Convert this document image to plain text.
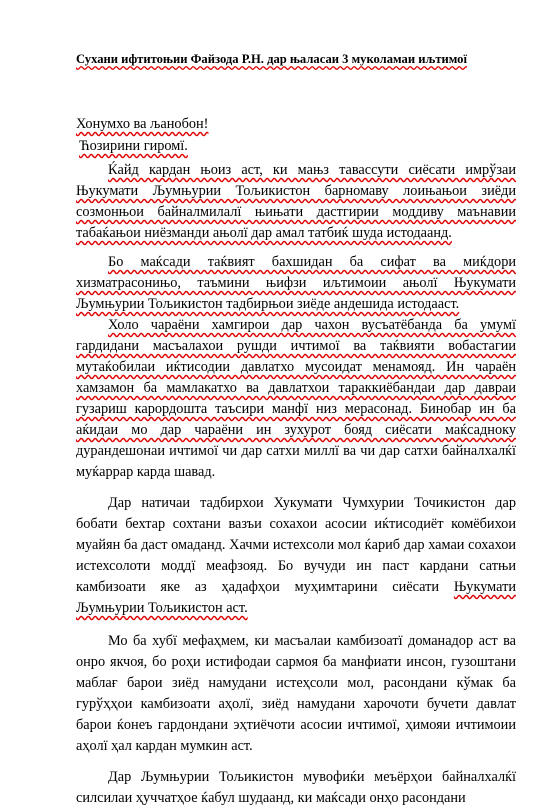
Сухани ифтитоњии Файзода Р.Н. дар њаласаи 3 муколамаи иљтимої
Хонумхо ва љанобон!
Ћозирини гиромї.

Ќайд кардан њоиз аст, ки мањз тавассути сиёсати имрўзаи Њукумати Љумњурии Тољикистон барномаву лоињањои зиёди созмонњои байналмилалї њињати дастгирии моддиву маънавии табаќањои ниёзманди ањолї дар амал татбиќ шуда истодаанд.

Бо маќсади таќвият бахшидан ба сифат ва миќдори хизматрасонињо, таъмини њифзи иљтимоии ањолї Њукумати Љумњурии Тољикистон тадбирњои зиёде андешида истодааст.

Холо чараёни хамгирои дар чахон вусъатёбанда ба умумї гардидани масъалахои рушди ичтимої ва таќвияти вобастагии мутаќобилаи иќтисодии давлатхо мусоидат менамояд. Ин чараён хамзамон ба мамлакатхо ва давлатхои тараккиёбандаи дар давраи гузариш карордошта таъсири манфї низ мерасонад. Бинобар ин ба аќидаи мо дар чараёни ин зухурот бояд сиёсати маќсадноку дурандешонаи ичтимої чи дар сатхи миллї ва чи дар сатхи байналхалќї муќаррар карда шавад.

Дар натичаи тадбирхои Хукумати Чумхурии Точикистон дар бобати бехтар сохтани вазъи сохахои асосии иќтисодиёт комёбихои муайян ба даст омаданд. Хачми истехсоли мол ќариб дар хамаи сохахои истехсолоти моддї меафзояд. Бо вучуди ин паст кардани сатњи камбизоати яке аз ҳадафҳои муҳимтарини сиёсати Њукумати Љумњурии Тољикистон аст.

Мо ба хубї мефаҳмем, ки масъалаи камбизоатї доманадор аст ва онро якчоя, бо роҳи истифодаи сармоя ба манфиати инсон, гузоштани маблағ барои зиёд намудани истеҳсоли мол, расондани кўмак ба гурўҳҳои камбизоати аҳолї, зиёд намудани харочоти бучети давлат барои ќонеъ гардондани эҳтиёчоти асосии ичтимої, ҳимояи ичтимоии аҳолї ҳал кардан мумкин аст.

Дар Љумњурии Тољикистон мувофиќи меъёрҳои байналхалќї силсилаи ҳуччатҳое ќабул шудаанд, ки маќсади онҳо расондани
